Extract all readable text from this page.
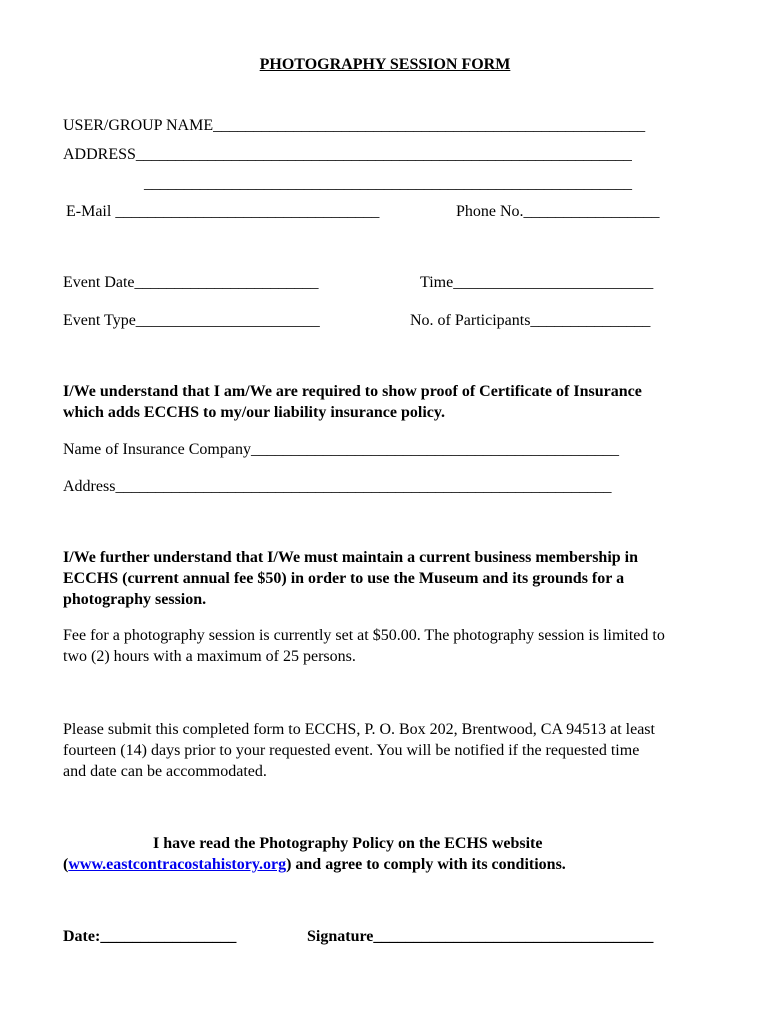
PHOTOGRAPHY SESSION FORM
USER/GROUP NAME______________________________________________________
ADDRESS______________________________________________________________
_____________________________________________________________
E-Mail _________________________________	Phone No._________________
Event Date_______________________	Time_________________________
Event Type_______________________	No. of Participants_______________
I/We understand that I am/We are required to show proof of Certificate of Insurance
which adds ECCHS to my/our liability insurance policy.
Name of Insurance Company______________________________________________
Address______________________________________________________________
I/We further understand that I/We must maintain a current business membership in
ECCHS (current annual fee $50) in order to use the Museum and its grounds for a
photography session.
Fee for a photography session is currently set at $50.00. The photography session is limited to
two (2) hours with a maximum of 25 persons.
Please submit this completed form to ECCHS, P. O. Box 202, Brentwood, CA 94513 at least
fourteen (14) days prior to your requested event. You will be notified if the requested time
and date can be accommodated.
I have read the Photography Policy on the ECHS website
(www.eastcontracostahistory.org) and agree to comply with its conditions.
Date:_________________	Signature___________________________________
